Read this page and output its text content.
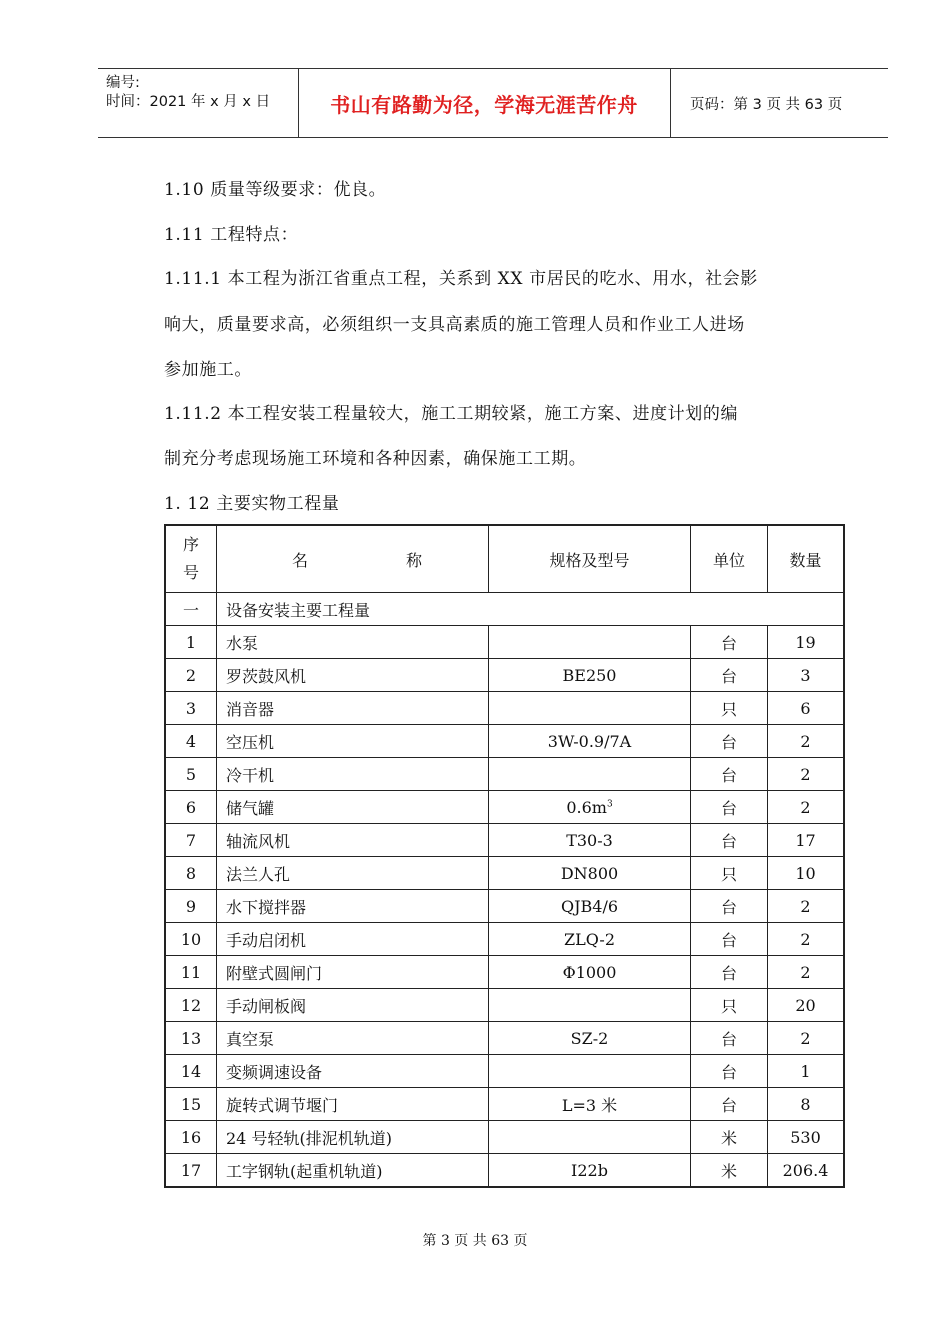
编号:
时间：2021 年 x 月 x 日	书山有路勤为径，学海无涯苦作舟	页码：第 3 页 共 63 页
1.10 质量等级要求：优良。
1.11 工程特点：
1.11.1 本工程为浙江省重点工程，关系到 XX 市居民的吃水、用水，社会影
响大，质量要求高，必须组织一支具高素质的施工管理人员和作业工人进场
参加施工。
1.11.2 本工程安装工程量较大，施工工期较紧，施工方案、进度计划的编
制充分考虑现场施工环境和各种因素，确保施工工期。
1. 12 主要实物工程量
序
号	名 称	规格及型号	单位	数量
一	设备安装主要工程量			
1	水泵		台	19
2	罗茨鼓风机	BE250	台	3
3	消音器		只	6
4	空压机	3W-0.9/7A	台	2
5	冷干机		台	2
6	储气罐	$0.6m^3$	台	2
7	轴流风机	T30-3	台	17
8	法兰人孔	DN800	只	10
9	水下搅拌器	QJB4/6	台	2
10	手动启闭机	ZLQ-2	台	2
11	附壁式圆闸门	Φ1000	台	2
12	手动闸板阀		只	20
13	真空泵	SZ-2	台	2
14	变频调速设备		台	1
15	旋转式调节堰门	L=3 米	台	8
16	24 号轻轨(排泥机轨道)		米	530
17	工字钢轨(起重机轨道)	I22b	米	206.4
第 3 页 共 63 页
